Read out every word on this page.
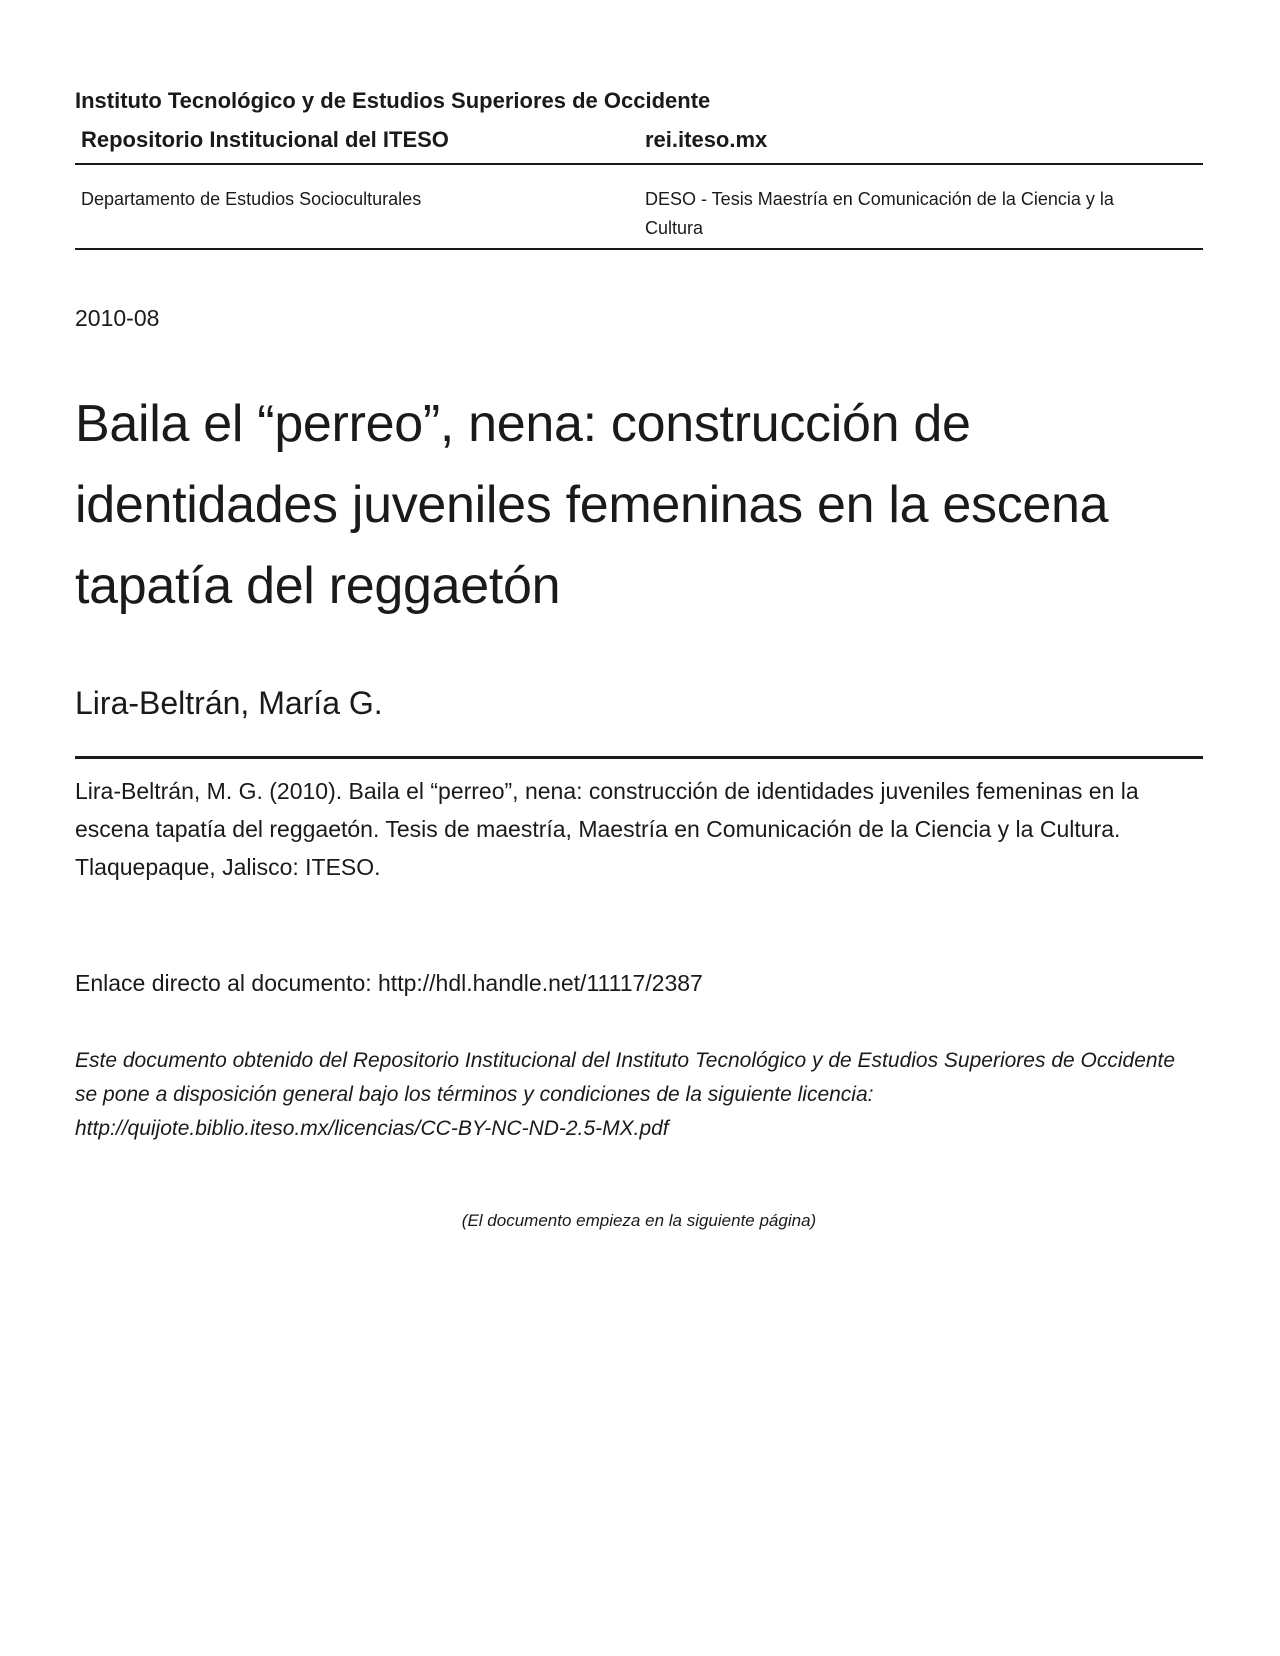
Instituto Tecnológico y de Estudios Superiores de Occidente
Repositorio Institucional del ITESO	rei.iteso.mx
Departamento de Estudios Socioculturales	DESO - Tesis Maestría en Comunicación de la Ciencia y la Cultura
2010-08
Baila el “perreo”, nena: construcción de identidades juveniles femeninas en la escena tapatía del reggaetón
Lira-Beltrán, María G.

Lira-Beltrán, M. G. (2010). Baila el “perreo”, nena: construcción de identidades juveniles femeninas en la escena tapatía del reggaetón. Tesis de maestría, Maestría en Comunicación de la Ciencia y la Cultura. Tlaquepaque, Jalisco: ITESO.

Enlace directo al documento: http://hdl.handle.net/11117/2387

Este documento obtenido del Repositorio Institucional del Instituto Tecnológico y de Estudios Superiores de Occidente se pone a disposición general bajo los términos y condiciones de la siguiente licencia: http://quijote.biblio.iteso.mx/licencias/CC-BY-NC-ND-2.5-MX.pdf

(El documento empieza en la siguiente página)
